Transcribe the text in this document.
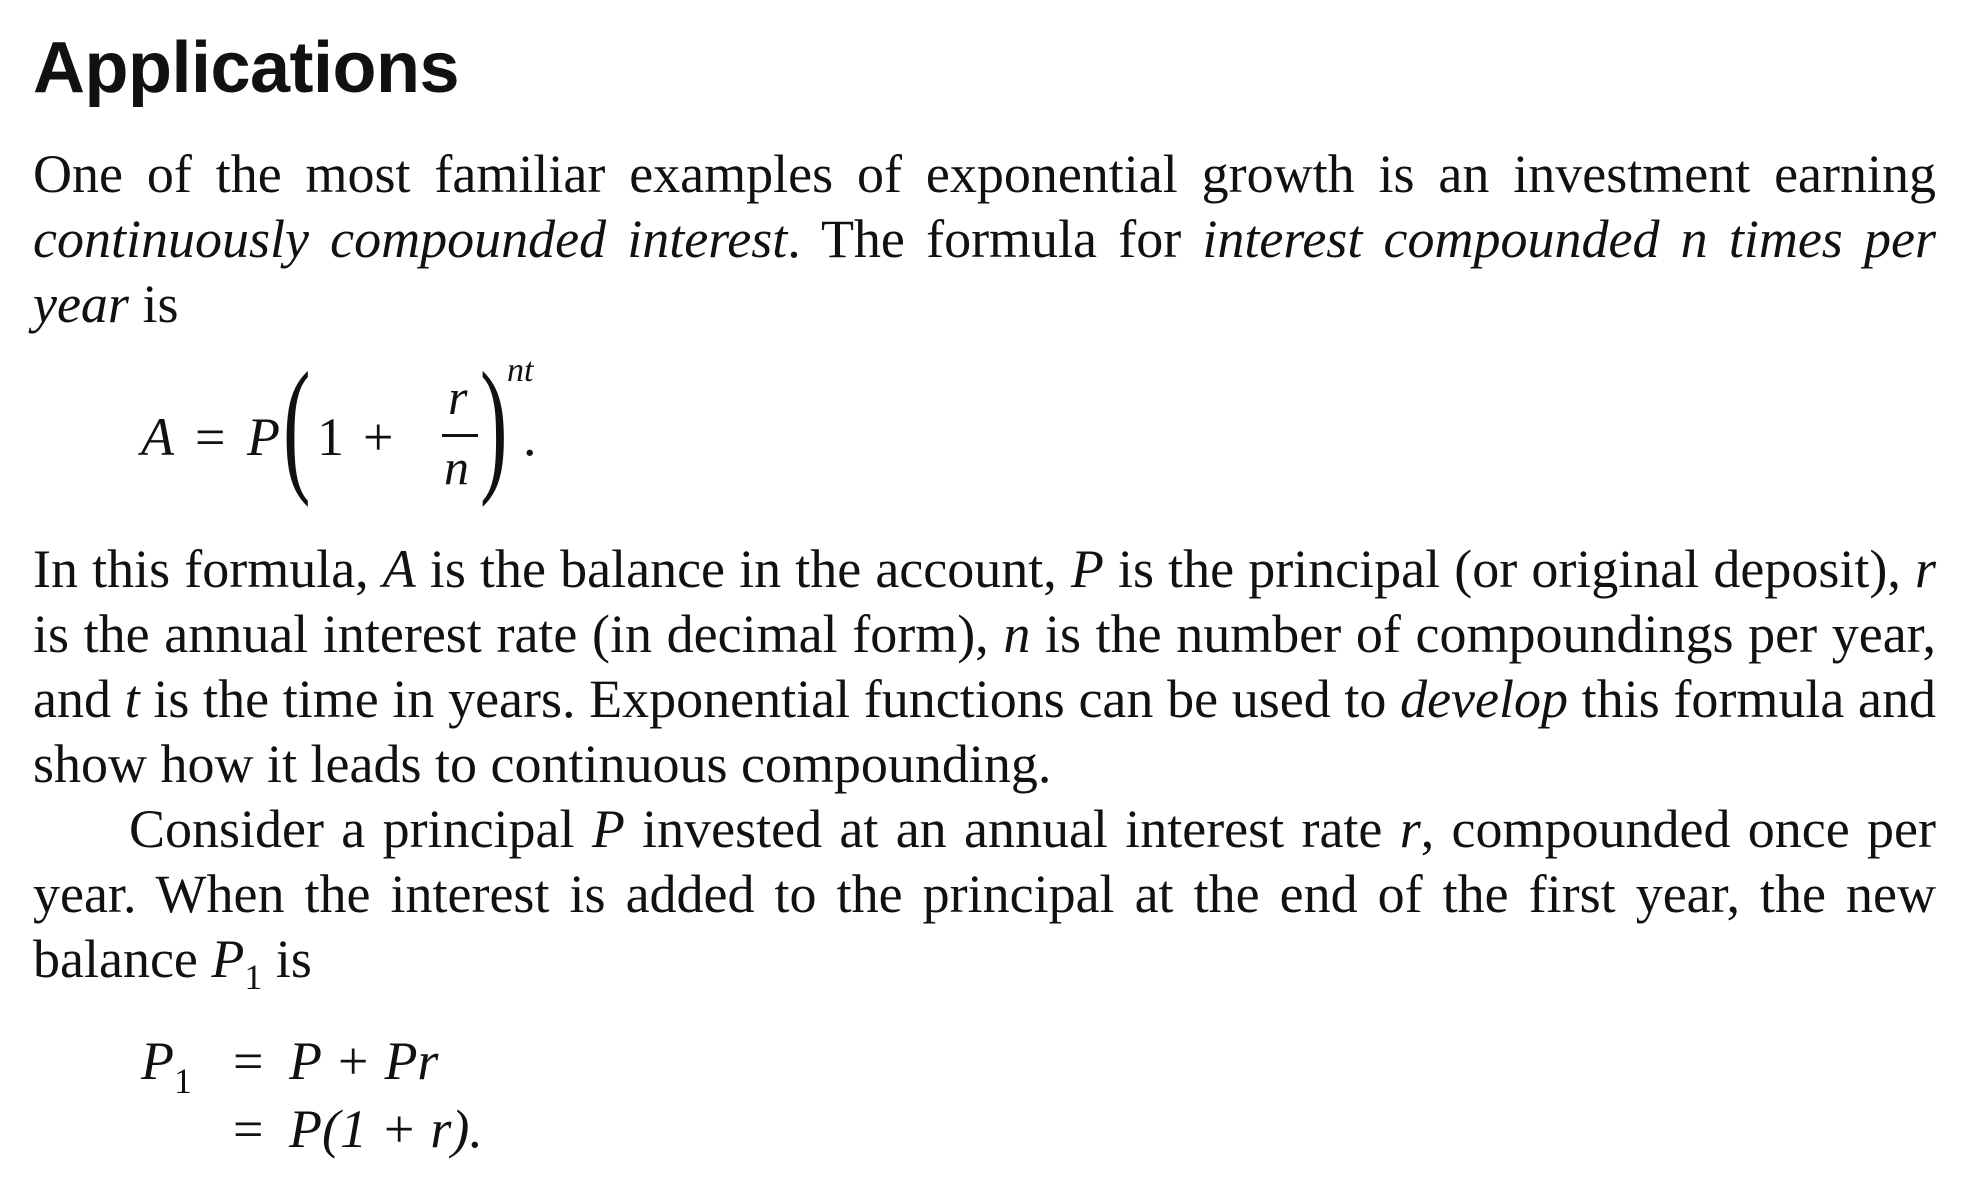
Applications

One of the most familiar examples of exponential growth is an investment earning continuously compounded interest. The formula for interest compounded n times per year is

A = P ( 1 +
r
n ) nt
.

In this formula, A is the balance in the account, P is the principal (or original deposit), r is the annual interest rate (in decimal form), n is the number of compoundings per year, and t is the time in years. Exponential functions can be used to develop this formula and show how it leads to continuous compounding.

Consider a principal P invested at an annual interest rate r, compounded once per year. When the interest is added to the principal at the end of the first year, the new balance $P_1$ is

$P_1 = P + Pr$
= P(1 + r).
